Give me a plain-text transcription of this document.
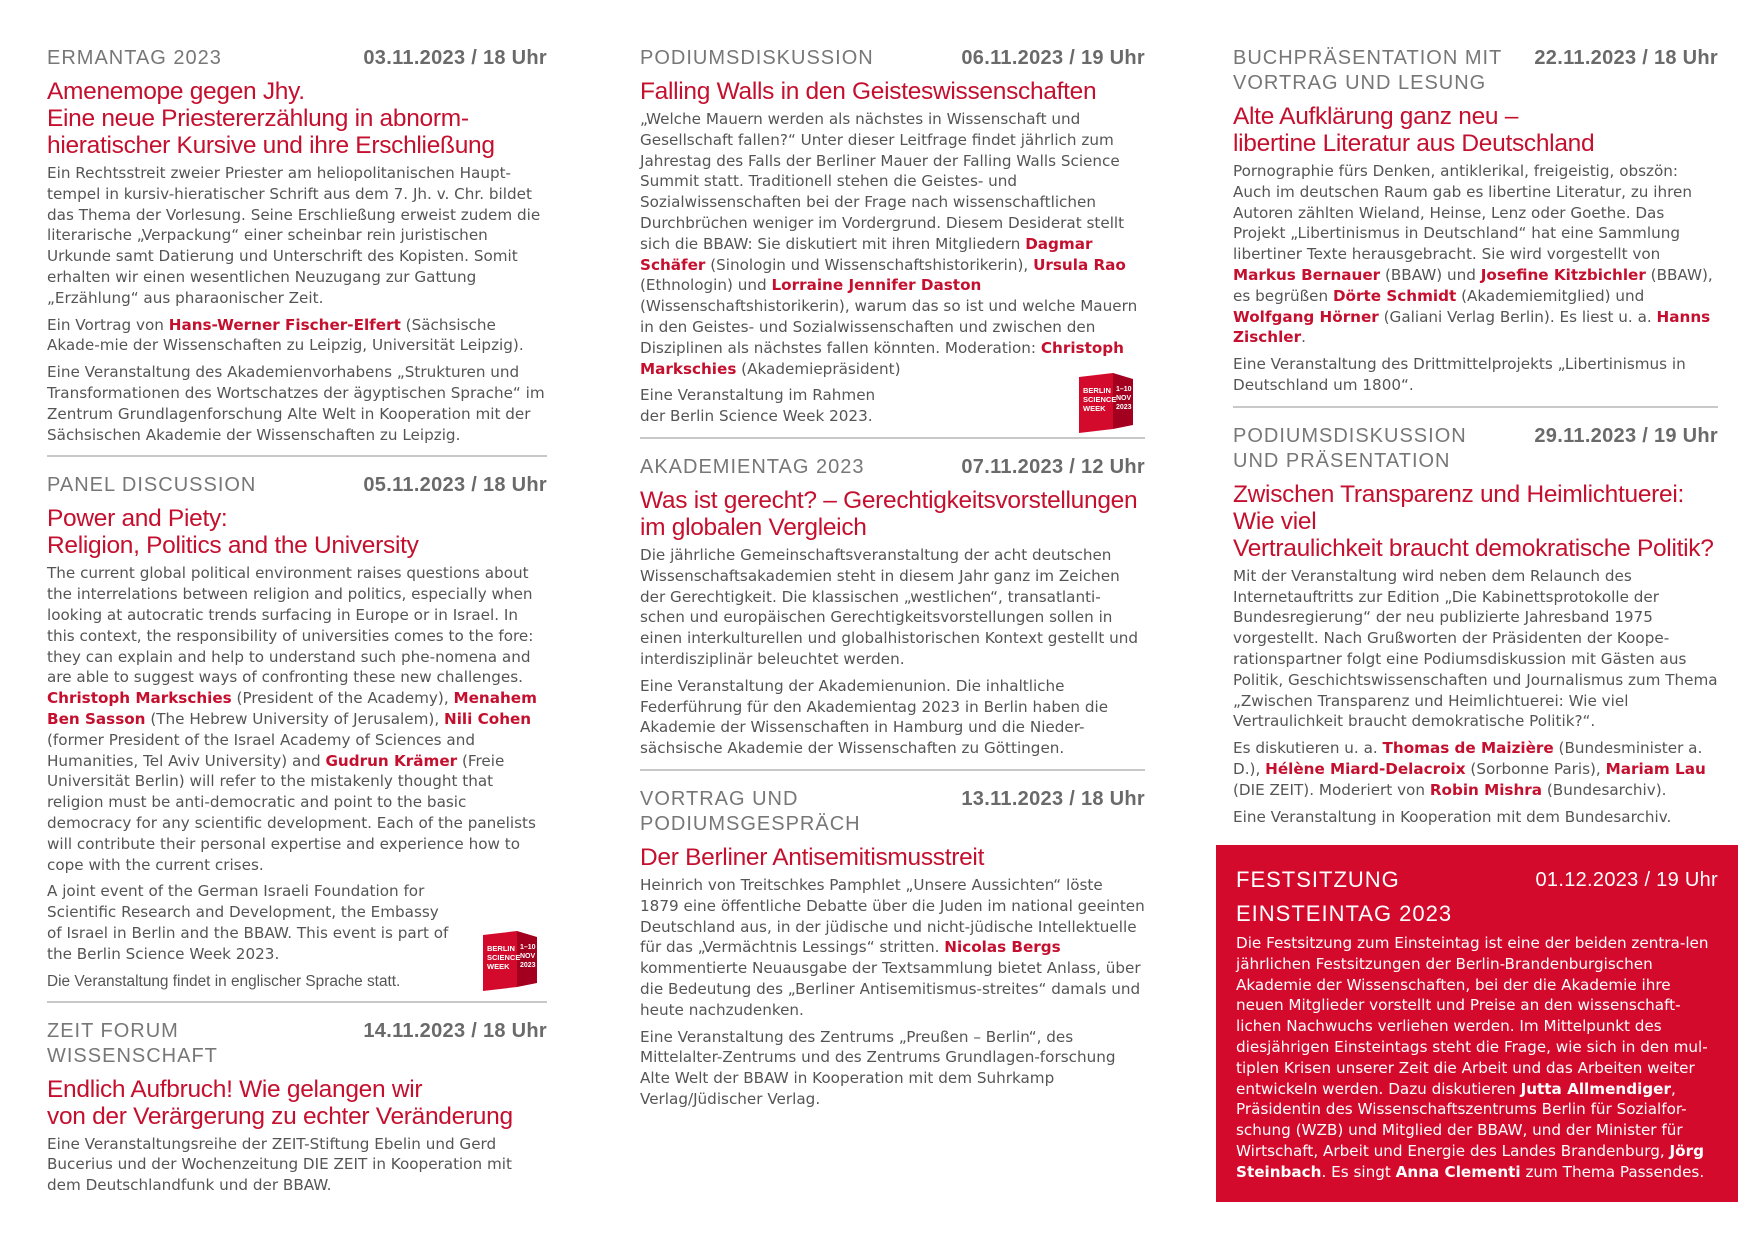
ERMANTAG 2023	03.11.2023 / 18 Uhr
Amenemope gegen Jhy.
Eine neue Priestererzählung in abnorm-
hieratischer Kursive und ihre Erschließung

Ein Rechtsstreit zweier Priester am heliopolitanischen Haupt-tempel in kursiv-hieratischer Schrift aus dem 7. Jh. v. Chr. bildet das Thema der Vorlesung. Seine Erschließung erweist zudem die literarische „Verpackung“ einer scheinbar rein juristischen Urkunde samt Datierung und Unterschrift des Kopisten. Somit erhalten wir einen wesentlichen Neuzugang zur Gattung „Erzählung“ aus pharaonischer Zeit.

Ein Vortrag von Hans-Werner Fischer-Elfert (Sächsische Akade-mie der Wissenschaften zu Leipzig, Universität Leipzig).

Eine Veranstaltung des Akademienvorhabens „Strukturen und Transformationen des Wortschatzes der ägyptischen Sprache“ im Zentrum Grundlagenforschung Alte Welt in Kooperation mit der Sächsischen Akademie der Wissenschaften zu Leipzig.

PANEL DISCUSSION	05.11.2023 / 18 Uhr
Power and Piety:
Religion, Politics and the University

The current global political environment raises questions about the interrelations between religion and politics, especially when looking at autocratic trends surfacing in Europe or in Israel. In this context, the responsibility of universities comes to the fore: they can explain and help to understand such phe-nomena and are able to suggest ways of confronting these new challenges. Christoph Markschies (President of the Academy), Menahem Ben Sasson (The Hebrew University of Jerusalem), Nili Cohen (former President of the Israel Academy of Sciences and Humanities, Tel Aviv University) and Gudrun Krämer (Freie Universität Berlin) will refer to the mistakenly thought that religion must be anti-democratic and point to the basic democracy for any scientific development. Each of the panelists will contribute their personal expertise and experience how to cope with the current crises.

A joint event of the German Israeli Foundation for Scientific Research and Development, the Embassy of Israel in Berlin and the BBAW. This event is part of the Berlin Science Week 2023.

Die Veranstaltung findet in englischer Sprache statt.
BERLIN
SCIENCE
WEEK
1–10
NOV
2023
ZEIT FORUM WISSENSCHAFT
14.11.2023 / 18 Uhr
Endlich Aufbruch! Wie gelangen wir
von der Verärgerung zu echter Veränderung

Eine Veranstaltungsreihe der ZEIT-Stiftung Ebelin und Gerd Bucerius und der Wochenzeitung DIE ZEIT in Kooperation mit dem Deutschlandfunk und der BBAW.

PODIUMSDISKUSSION	06.11.2023 / 19 Uhr
Falling Walls in den Geisteswissenschaften

„Welche Mauern werden als nächstes in Wissenschaft und Gesellschaft fallen?“ Unter dieser Leitfrage findet jährlich zum Jahrestag des Falls der Berliner Mauer der Falling Walls Science Summit statt. Traditionell stehen die Geistes- und Sozialwissenschaften bei der Frage nach wissenschaftlichen Durchbrüchen weniger im Vordergrund. Diesem Desiderat stellt sich die BBAW: Sie diskutiert mit ihren Mitgliedern Dagmar Schäfer (Sinologin und Wissenschaftshistorikerin), Ursula Rao (Ethnologin) und Lorraine Jennifer Daston (Wissenschaftshistorikerin), warum das so ist und welche Mauern in den Geistes- und Sozialwissenschaften und zwischen den Disziplinen als nächstes fallen könnten. Moderation: Christoph Markschies (Akademiepräsident)

Eine Veranstaltung im Rahmen
der Berlin Science Week 2023.

BERLIN
SCIENCE
WEEK
1–10
NOV
2023
AKADEMIENTAG 2023	07.11.2023 / 12 Uhr
Was ist gerecht? – Gerechtigkeitsvorstellungen
im globalen Vergleich

Die jährliche Gemeinschaftsveranstaltung der acht deutschen Wissenschaftsakademien steht in diesem Jahr ganz im Zeichen der Gerechtigkeit. Die klassischen „westlichen“, transatlanti-schen und europäischen Gerechtigkeitsvorstellungen sollen in einen interkulturellen und globalhistorischen Kontext gestellt und interdisziplinär beleuchtet werden.

Eine Veranstaltung der Akademienunion. Die inhaltliche Federführung für den Akademientag 2023 in Berlin haben die Akademie der Wissenschaften in Hamburg und die Nieder-sächsische Akademie der Wissenschaften zu Göttingen.

VORTRAG UND PODIUMSGESPRÄCH
13.11.2023 / 18 Uhr
Der Berliner Antisemitismusstreit

Heinrich von Treitschkes Pamphlet „Unsere Aussichten“ löste 1879 eine öffentliche Debatte über die Juden im national geeinten Deutschland aus, in der jüdische und nicht-jüdische Intellektuelle für das „Vermächtnis Lessings“ stritten. Nicolas Bergs kommentierte Neuausgabe der Textsammlung bietet Anlass, über die Bedeutung des „Berliner Antisemitismus-streites“ damals und heute nachzudenken.

Eine Veranstaltung des Zentrums „Preußen – Berlin“, des Mittelalter-Zentrums und des Zentrums Grundlagen-forschung Alte Welt der BBAW in Kooperation mit dem Suhrkamp Verlag/Jüdischer Verlag.

BUCHPRÄSENTATION MIT
VORTRAG UND LESUNG
22.11.2023 / 18 Uhr
Alte Aufklärung ganz neu –
libertine Literatur aus Deutschland

Pornographie fürs Denken, antiklerikal, freigeistig, obszön: Auch im deutschen Raum gab es libertine Literatur, zu ihren Autoren zählten Wieland, Heinse, Lenz oder Goethe. Das Projekt „Libertinismus in Deutschland“ hat eine Sammlung libertiner Texte herausgebracht. Sie wird vorgestellt von Markus Bernauer (BBAW) und Josefine Kitzbichler (BBAW), es begrüßen Dörte Schmidt (Akademiemitglied) und Wolfgang Hörner (Galiani Verlag Berlin). Es liest u. a. Hanns Zischler.

Eine Veranstaltung des Drittmittelprojekts „Libertinismus in Deutschland um 1800“.

PODIUMSDISKUSSION
UND PRÄSENTATION
29.11.2023 / 19 Uhr
Zwischen Transparenz und Heimlichtuerei: Wie viel
Vertraulichkeit braucht demokratische Politik?

Mit der Veranstaltung wird neben dem Relaunch des Internetauftritts zur Edition „Die Kabinettsprotokolle der Bundesregierung“ der neu publizierte Jahresband 1975 vorgestellt. Nach Grußworten der Präsidenten der Koope-rationspartner folgt eine Podiumsdiskussion mit Gästen aus Politik, Geschichtswissenschaften und Journalismus zum Thema „Zwischen Transparenz und Heimlichtuerei: Wie viel Vertraulichkeit braucht demokratische Politik?“.

Es diskutieren u. a. Thomas de Maizière (Bundesminister a. D.), Hélène Miard-Delacroix (Sorbonne Paris), Mariam Lau (DIE ZEIT). Moderiert von Robin Mishra (Bundesarchiv).

Eine Veranstaltung in Kooperation mit dem Bundesarchiv.

FESTSITZUNG
EINSTEINTAG 2023
01.12.2023 / 19 Uhr

Die Festsitzung zum Einsteintag ist eine der beiden zentra-len jährlichen Festsitzungen der Berlin-Brandenburgischen Akademie der Wissenschaften, bei der die Akademie ihre neuen Mitglieder vorstellt und Preise an den wissenschaft-lichen Nachwuchs verliehen werden. Im Mittelpunkt des diesjährigen Einsteintags steht die Frage, wie sich in den mul-tiplen Krisen unserer Zeit die Arbeit und das Arbeiten weiter entwickeln werden. Dazu diskutieren Jutta Allmendiger, Präsidentin des Wissenschaftszentrums Berlin für Sozialfor-schung (WZB) und Mitglied der BBAW, und der Minister für Wirtschaft, Arbeit und Energie des Landes Brandenburg, Jörg Steinbach. Es singt Anna Clementi zum Thema Passendes.
